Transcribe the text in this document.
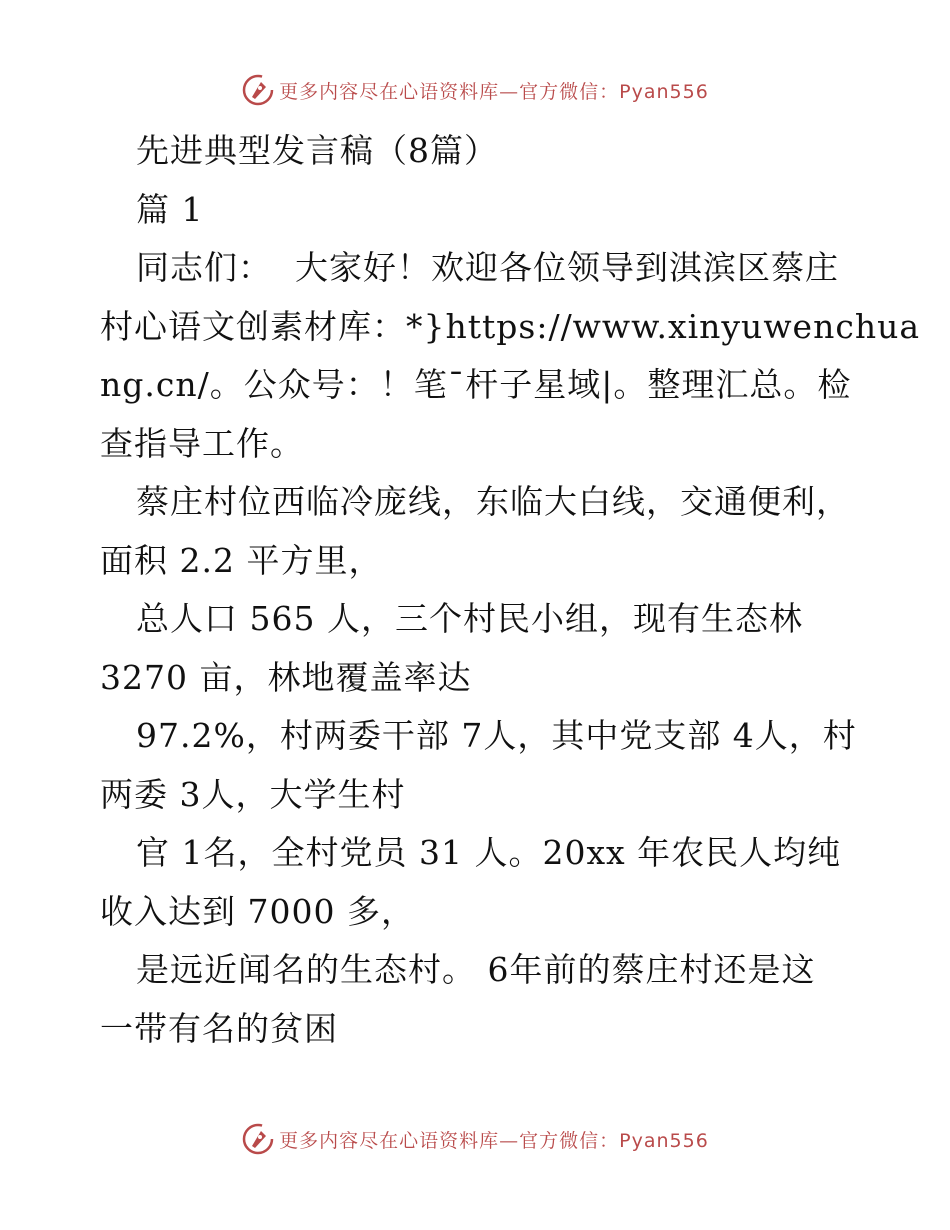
更多内容尽在心语资料库—官方微信：Pyan556
先进典型发言稿（8篇）
篇 1
同志们：  大家好！欢迎各位领导到淇滨区蔡庄
村心语文创素材库：*}https://www.xinyuwenchua
ng.cn/。公众号：！笔¯杆子星域|。整理汇总。检
查指导工作。
蔡庄村位西临冷庞线，东临大白线，交通便利，
面积 2.2 平方里，
总人口 565 人，三个村民小组，现有生态林
3270 亩，林地覆盖率达
97.2%，村两委干部 7人，其中党支部 4人，村
两委 3人，大学生村
官 1名，全村党员 31 人。20xx 年农民人均纯
收入达到 7000 多，
是远近闻名的生态村。 6年前的蔡庄村还是这
一带有名的贫困
更多内容尽在心语资料库—官方微信：Pyan556
